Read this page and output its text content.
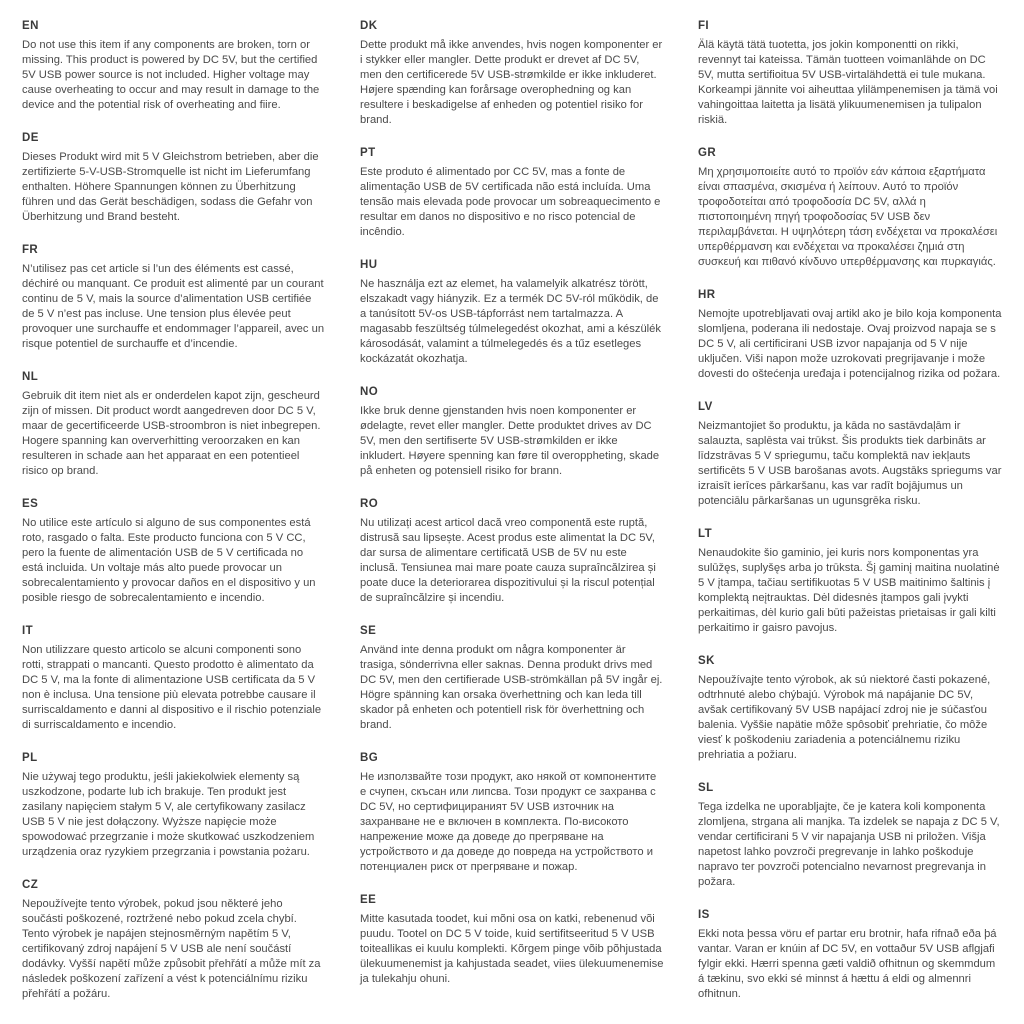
EN

Do not use this item if any components are broken, torn or missing. This product is powered by DC 5V, but the certified 5V USB power source is not included. Higher voltage may cause overheating to occur and may result in damage to the device and the potential risk of overheating and fiire.

DE

Dieses Produkt wird mit 5 V Gleichstrom betrieben, aber die zertifizierte 5-V-USB-Stromquelle ist nicht im Lieferumfang enthalten. Höhere Spannungen können zu Überhitzung führen und das Gerät beschädigen, sodass die Gefahr von Überhitzung und Brand besteht.

FR

N’utilisez pas cet article si l’un des éléments est cassé, déchiré ou manquant. Ce produit est alimenté par un courant continu de 5 V, mais la source d’alimentation USB certifiée de 5 V n’est pas incluse. Une tension plus élevée peut provoquer une surchauffe et endommager l’appareil, avec un risque potentiel de surchauffe et d’incendie.

NL

Gebruik dit item niet als er onderdelen kapot zijn, gescheurd zijn of missen. Dit product wordt aangedreven door DC 5 V, maar de gecertificeerde USB-stroombron is niet inbegrepen. Hogere spanning kan oververhitting veroorzaken en kan resulteren in schade aan het apparaat en een potentieel risico op brand.

ES

No utilice este artículo si alguno de sus componentes está roto, rasgado o falta. Este producto funciona con 5 V CC, pero la fuente de alimentación USB de 5 V certificada no está incluida. Un voltaje más alto puede provocar un sobrecalentamiento y provocar daños en el dispositivo y un posible riesgo de sobrecalentamiento e incendio.

IT

Non utilizzare questo articolo se alcuni componenti sono rotti, strappati o mancanti. Questo prodotto è alimentato da DC 5 V, ma la fonte di alimentazione USB certificata da 5 V non è inclusa. Una tensione più elevata potrebbe causare il surriscaldamento e danni al dispositivo e il rischio potenziale di surriscaldamento e incendio.

PL

Nie używaj tego produktu, jeśli jakiekolwiek elementy są uszkodzone, podarte lub ich brakuje. Ten produkt jest zasilany napięciem stałym 5 V, ale certyfikowany zasilacz USB 5 V nie jest dołączony. Wyższe napięcie może spowodować przegrzanie i może skutkować uszkodzeniem urządzenia oraz ryzykiem przegrzania i powstania pożaru.

CZ

Nepoužívejte tento výrobek, pokud jsou některé jeho součásti poškozené, roztržené nebo pokud zcela chybí. Tento výrobek je napájen stejnosměrným napětím 5 V, certifikovaný zdroj napájení 5 V USB ale není součástí dodávky. Vyšší napětí může způsobit přehřátí a může mít za následek poškození zařízení a vést k potenciálnímu riziku přehřátí a požáru.

DK

Dette produkt må ikke anvendes, hvis nogen komponenter er i stykker eller mangler. Dette produkt er drevet af DC 5V, men den certificerede 5V USB-strømkilde er ikke inkluderet. Højere spænding kan forårsage overophedning og kan resultere i beskadigelse af enheden og potentiel risiko for brand.

PT

Este produto é alimentado por CC 5V, mas a fonte de alimentação USB de 5V certificada não está incluída. Uma tensão mais elevada pode provocar um sobreaquecimento e resultar em danos no dispositivo e no risco potencial de incêndio.

HU

Ne használja ezt az elemet, ha valamelyik alkatrész törött, elszakadt vagy hiányzik. Ez a termék DC 5V-ról működik, de a tanúsított 5V-os USB-tápforrást nem tartalmazza. A magasabb feszültség túlmelegedést okozhat, ami a készülék károsodását, valamint a túlmelegedés és a tűz esetleges kockázatát okozhatja.

NO

Ikke bruk denne gjenstanden hvis noen komponenter er ødelagte, revet eller mangler. Dette produktet drives av DC 5V, men den sertifiserte 5V USB-strømkilden er ikke inkludert. Høyere spenning kan føre til overoppheting, skade på enheten og potensiell risiko for brann.

RO

Nu utilizați acest articol dacă vreo componentă este ruptă, distrusă sau lipsește. Acest produs este alimentat la DC 5V, dar sursa de alimentare certificată USB de 5V nu este inclusă. Tensiunea mai mare poate cauza supraîncălzirea și poate duce la deteriorarea dispozitivului și la riscul potențial de supraîncălzire și incendiu.

SE

Använd inte denna produkt om några komponenter är trasiga, sönderrivna eller saknas. Denna produkt drivs med DC 5V, men den certifierade USB-strömkällan på 5V ingår ej. Högre spänning kan orsaka överhettning och kan leda till skador på enheten och potentiell risk för överhettning och brand.

BG

Не използвайте този продукт, ако някой от компонентите е счупен, скъсан или липсва. Този продукт се захранва с DC 5V, но сертифицираният 5V USB източник на захранване не е включен в комплекта. По-високото напрежение може да доведе до прегряване на устройството и да доведе до повреда на устройството и потенциален риск от прегряване и пожар.

EE

Mitte kasutada toodet, kui mõni osa on katki, rebenenud või puudu. Tootel on DC 5 V toide, kuid sertifitseeritud 5 V USB toiteallikas ei kuulu komplekti. Kõrgem pinge võib põhjustada ülekuumenemist ja kahjustada seadet, viies ülekuumenemise ja tulekahju ohuni.

FI

Älä käytä tätä tuotetta, jos jokin komponentti on rikki, revennyt tai kateissa. Tämän tuotteen voimanlähde on DC 5V, mutta sertifioitua 5V USB-virtalähdettä ei tule mukana. Korkeampi jännite voi aiheuttaa ylilämpenemisen ja tämä voi vahingoittaa laitetta ja lisätä ylikuumenemisen ja tulipalon riskiä.

GR

Μη χρησιμοποιείτε αυτό το προϊόν εάν κάποια εξαρτήματα είναι σπασμένα, σκισμένα ή λείπουν. Αυτό το προϊόν τροφοδοτείται από τροφοδοσία DC 5V, αλλά η πιστοποιημένη πηγή τροφοδοσίας 5V USB δεν περιλαμβάνεται. Η υψηλότερη τάση ενδέχεται να προκαλέσει υπερθέρμανση και ενδέχεται να προκαλέσει ζημιά στη συσκευή και πιθανό κίνδυνο υπερθέρμανσης και πυρκαγιάς.

HR

Nemojte upotrebljavati ovaj artikl ako je bilo koja komponenta slomljena, poderana ili nedostaje. Ovaj proizvod napaja se s DC 5 V, ali certificirani USB izvor napajanja od 5 V nije uključen. Viši napon može uzrokovati pregrijavanje i može dovesti do oštećenja uređaja i potencijalnog rizika od požara.

LV

Neizmantojiet šo produktu, ja kāda no sastāvdaļām ir salauzta, saplēsta vai trūkst. Šis produkts tiek darbināts ar līdzstrāvas 5 V spriegumu, taču komplektā nav iekļauts sertificēts 5 V USB barošanas avots. Augstāks spriegums var izraisīt ierīces pārkaršanu, kas var radīt bojājumus un potenciālu pārkaršanas un ugunsgrēka risku.

LT

Nenaudokite šio gaminio, jei kuris nors komponentas yra sulūžęs, suplyšęs arba jo trūksta. Šį gaminį maitina nuolatinė 5 V įtampa, tačiau sertifikuotas 5 V USB maitinimo šaltinis į komplektą neįtrauktas. Dėl didesnės įtampos gali įvykti perkaitimas, dėl kurio gali būti pažeistas prietaisas ir gali kilti perkaitimo ir gaisro pavojus.

SK

Nepoužívajte tento výrobok, ak sú niektoré časti pokazené, odtrhnuté alebo chýbajú. Výrobok má napájanie DC 5V, avšak certifikovaný 5V USB napájací zdroj nie je súčasťou balenia. Vyššie napätie môže spôsobiť prehriatie, čo môže viesť k poškodeniu zariadenia a potenciálnemu riziku prehriatia a požiaru.

SL

Tega izdelka ne uporabljajte, če je katera koli komponenta zlomljena, strgana ali manjka. Ta izdelek se napaja z DC 5 V, vendar certificirani 5 V vir napajanja USB ni priložen. Višja napetost lahko povzroči pregrevanje in lahko poškoduje napravo ter povzroči potencialno nevarnost pregrevanja in požara.

IS

Ekki nota þessa vöru ef partar eru brotnir, hafa rifnað eða þá vantar. Varan er knúin af DC 5V, en vottaður 5V USB aflgjafi fylgir ekki. Hærri spenna gæti valdið ofhitnun og skemmdum á tækinu, svo ekki sé minnst á hættu á eldi og almennri ofhitnun.
